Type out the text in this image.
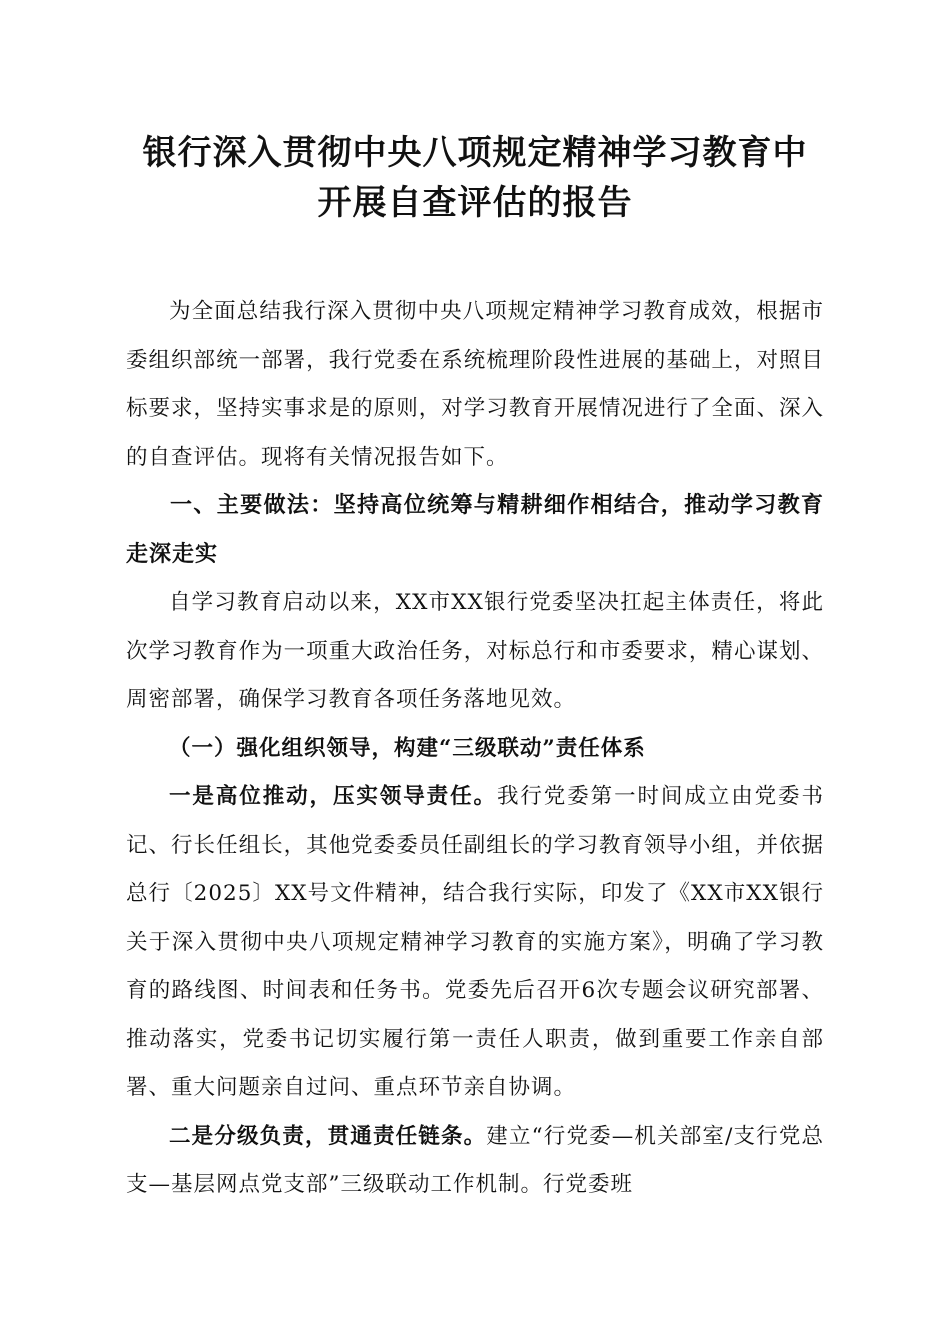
银行深入贯彻中央八项规定精神学习教育中开展自查评估的报告

为全面总结我行深入贯彻中央八项规定精神学习教育成效，根据市委组织部统一部署，我行党委在系统梳理阶段性进展的基础上，对照目标要求，坚持实事求是的原则，对学习教育开展情况进行了全面、深入的自查评估。现将有关情况报告如下。

一、主要做法：坚持高位统筹与精耕细作相结合，推动学习教育走深走实

自学习教育启动以来，XX市XX银行党委坚决扛起主体责任，将此次学习教育作为一项重大政治任务，对标总行和市委要求，精心谋划、周密部署，确保学习教育各项任务落地见效。

（一）强化组织领导，构建“三级联动”责任体系

一是高位推动，压实领导责任。我行党委第一时间成立由党委书记、行长任组长，其他党委委员任副组长的学习教育领导小组，并依据总行〔2025〕XX号文件精神，结合我行实际，印发了《XX市XX银行关于深入贯彻中央八项规定精神学习教育的实施方案》，明确了学习教育的路线图、时间表和任务书。党委先后召开6次专题会议研究部署、推动落实，党委书记切实履行第一责任人职责，做到重要工作亲自部署、重大问题亲自过问、重点环节亲自协调。

二是分级负责，贯通责任链条。建立“行党委—机关部室/支行党总支—基层网点党支部”三级联动工作机制。行党委班
